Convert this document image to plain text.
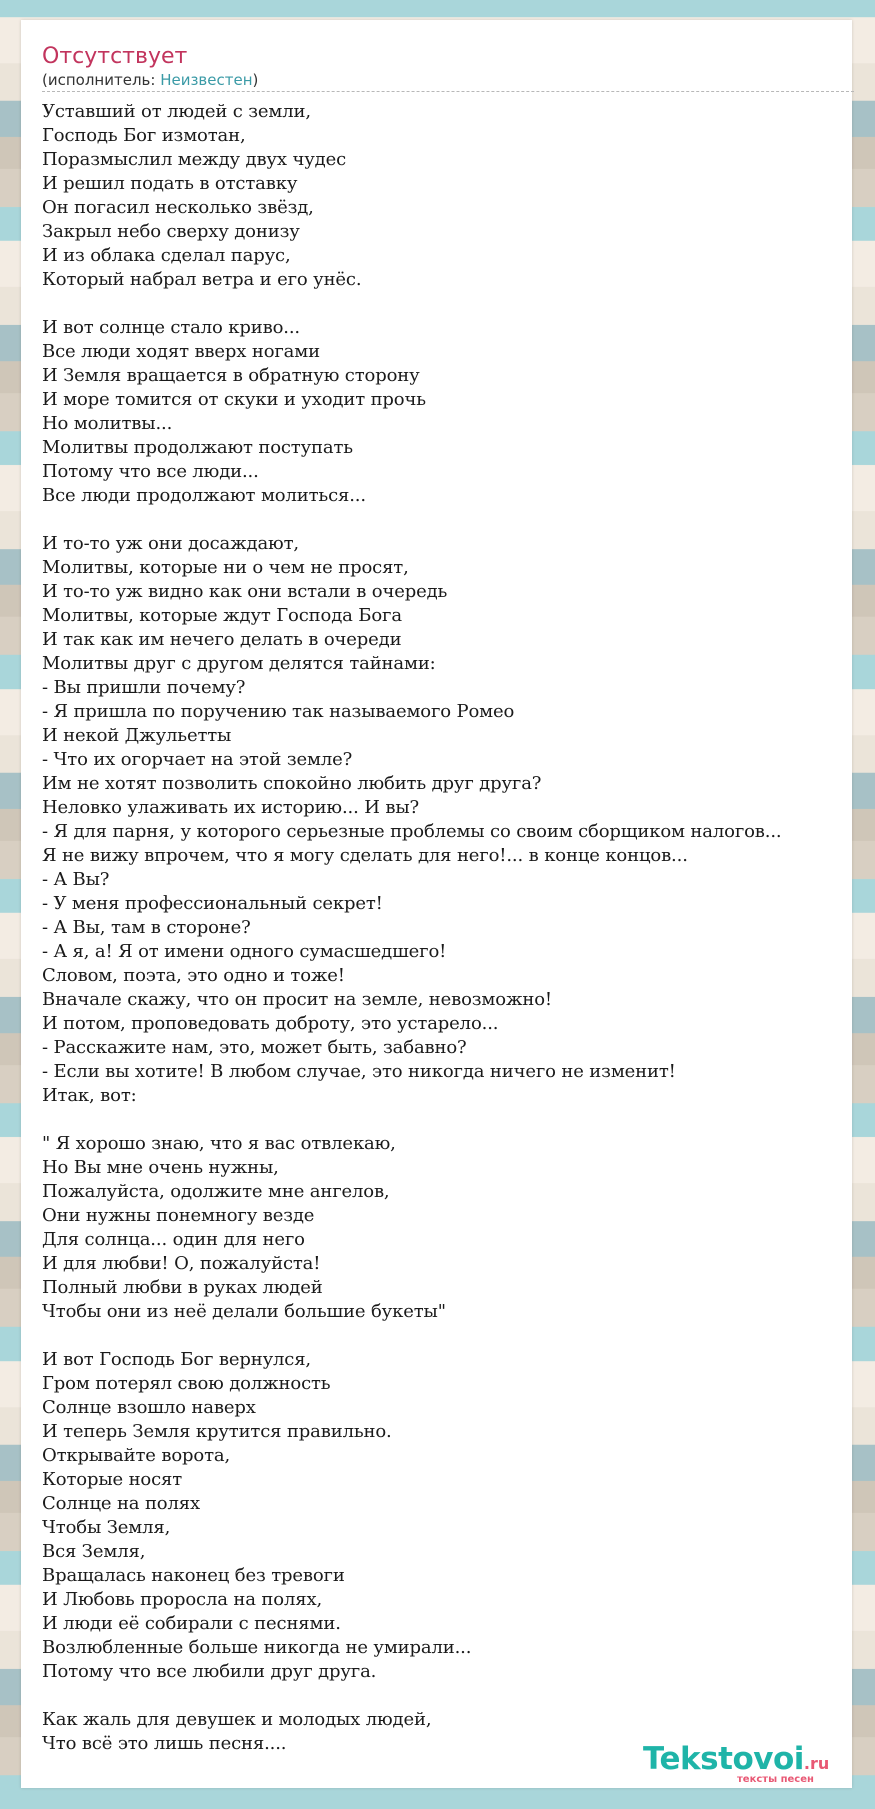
Отсутствует
(исполнитель: Неизвестен)
Уставший от людей с земли,
Господь Бог измотан,
Поразмыслил между двух чудес
И решил подать в отставку
Он погасил несколько звёзд,
Закрыл небо сверху донизу
И из облака сделал парус,
Который набрал ветра и его унёс.
И вот солнце стало криво...
Все люди ходят вверх ногами
И Земля вращается в обратную сторону
И море томится от скуки и уходит прочь
Но молитвы...
Молитвы продолжают поступать
Потому что все люди...
Все люди продолжают молиться...
И то-то уж они досаждают,
Молитвы, которые ни о чем не просят,
И то-то уж видно как они встали в очередь
Молитвы, которые ждут Господа Бога
И так как им нечего делать в очереди
Молитвы друг с другом делятся тайнами:
- Вы пришли почему?
- Я пришла по поручению так называемого Ромео
И некой Джульетты
- Что их огорчает на этой земле?
Им не хотят позволить спокойно любить друг друга?
Неловко улаживать их историю... И вы?
- Я для парня, у которого серьезные проблемы со своим сборщиком налогов...
Я не вижу впрочем, что я могу сделать для него!... в конце концов...
- А Вы?
- У меня профессиональный секрет!
- А Вы, там в стороне?
- А я, а! Я от имени одного сумасшедшего!
Словом, поэта, это одно и тоже!
Вначале скажу, что он просит на земле, невозможно!
И потом, проповедовать доброту, это устарело...
- Расскажите нам, это, может быть, забавно?
- Если вы хотите! В любом случае, это никогда ничего не изменит!
Итак, вот:
" Я хорошо знаю, что я вас отвлекаю,
Но Вы мне очень нужны,
Пожалуйста, одолжите мне ангелов,
Они нужны понемногу везде
Для солнца... один для него
И для любви! О, пожалуйста!
Полный любви в руках людей
Чтобы они из неё делали большие букеты"
И вот Господь Бог вернулся,
Гром потерял свою должность
Солнце взошло наверх
И теперь Земля крутится правильно.
Открывайте ворота,
Которые носят
Солнце на полях
Чтобы Земля,
Вся Земля,
Вращалась наконец без тревоги
И Любовь проросла на полях,
И люди её собирали с песнями.
Возлюбленные больше никогда не умирали...
Потому что все любили друг друга.
Как жаль для девушек и молодых людей,
Что всё это лишь песня....	Tekstovoi.ru
тексты песен
